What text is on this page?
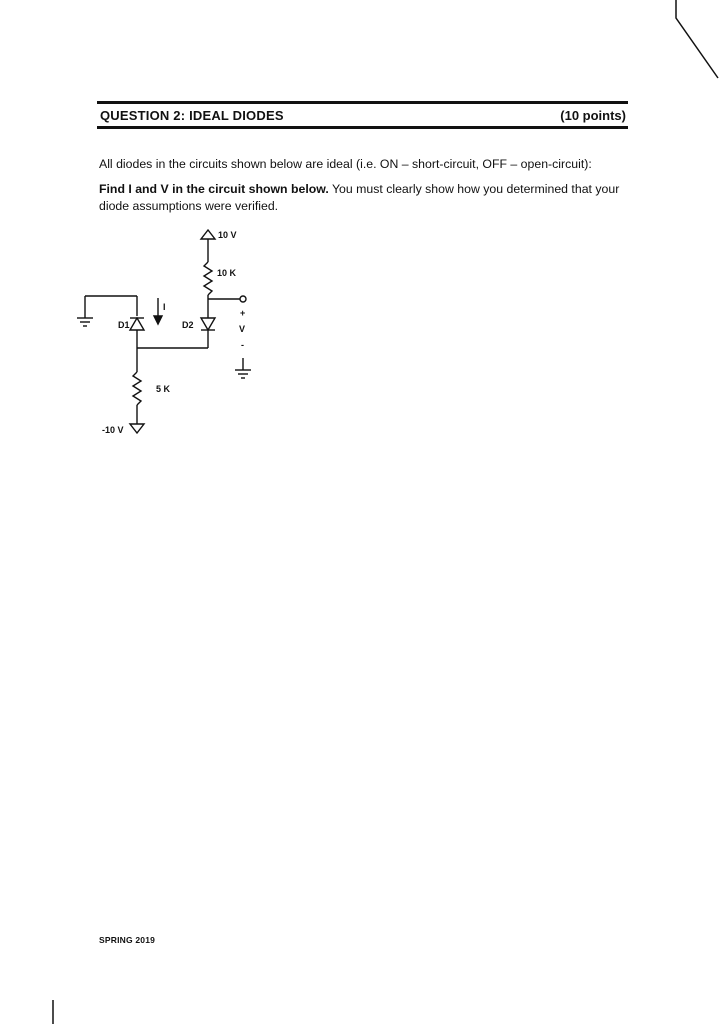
QUESTION 2: IDEAL DIODES	(10 points)
All diodes in the circuits shown below are ideal (i.e. ON – short-circuit, OFF – open-circuit):
Find I and V in the circuit shown below. You must clearly show how you determined that your diode assumptions were verified.
10 V
10 K
D1	D2
I
+
V
-
5 K
-10 V
SPRING 2019
